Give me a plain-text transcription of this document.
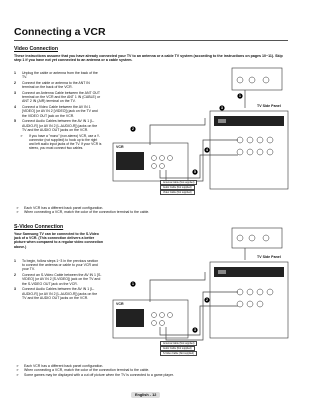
Connecting a VCR
Video Connection
These instructions assume that you have already connected your TV to an antenna or a cable TV system (according to the instructions on pages 10~11). Skip step 1 if you have not yet connected to an antenna or a cable system.
1 Unplug the cable or antenna from the back of the TV.
2 Connect the cable or antenna to the ANT IN terminal on the back of the VCR.
3 Connect an Antenna Cable between the ANT OUT terminal on the VCR and the ANT 1 IN (CABLE) or ANT 2 IN (AIR) terminal on the TV.
4 Connect a Video Cable between the AV IN 1 [VIDEO] (or AV IN 2 [VIDEO]) jack on the TV and the VIDEO OUT jack on the VCR.
5 Connect Audio Cables between the AV IN 1 [L-AUDIO-R] (or AV IN 2 [L-AUDIO-R]) jacks on the TV and the AUDIO OUT jacks on the VCR.
➢ If you have a "mono" (non-stereo) VCR, use a Y-connector (not supplied) to hook up to the right and left audio input jacks of the TV. If your VCR is stereo, you must connect two cables.
2
3
4
5
1
TV Side Panel
VCR
Antenna Cable (Not supplied)
Audio Cable (Not supplied)
Video Cable (Not supplied)
➢ Each VCR has a different back panel configuration.
➢ When connecting a VCR, match the color of the connection terminal to the cable.
S-Video Connection
Your Samsung TV can be connected to the S-Video jack of a VCR. (This connection delivers a better picture when compared to a regular video connection above.)
1 To begin, follow steps 1~3 in the previous section to connect the antenna or cable to your VCR and your TV.
2 Connect an S-Video Cable between the AV IN 1 [S-VIDEO] (or AV IN 2 [S-VIDEO]) jack on the TV and the S-VIDEO OUT jack on the VCR.
3 Connect Audio Cables between the AV IN 1 [L-AUDIO-R] (or AV IN 2 [L-AUDIO-R]) jacks on the TV and the AUDIO OUT jacks on the VCR.
1
2
3
TV Side Panel
VCR
Antenna Cable (Not supplied)
Audio Cable (Not supplied)
S-Video Cable (Not supplied)
➢ Each VCR has a different back panel configuration.
➢ When connecting a VCR, match the color of the connection terminal to the cable.
➢ Some games may be displayed with a cut off picture when the TV is connected to a game player.
English - 12
